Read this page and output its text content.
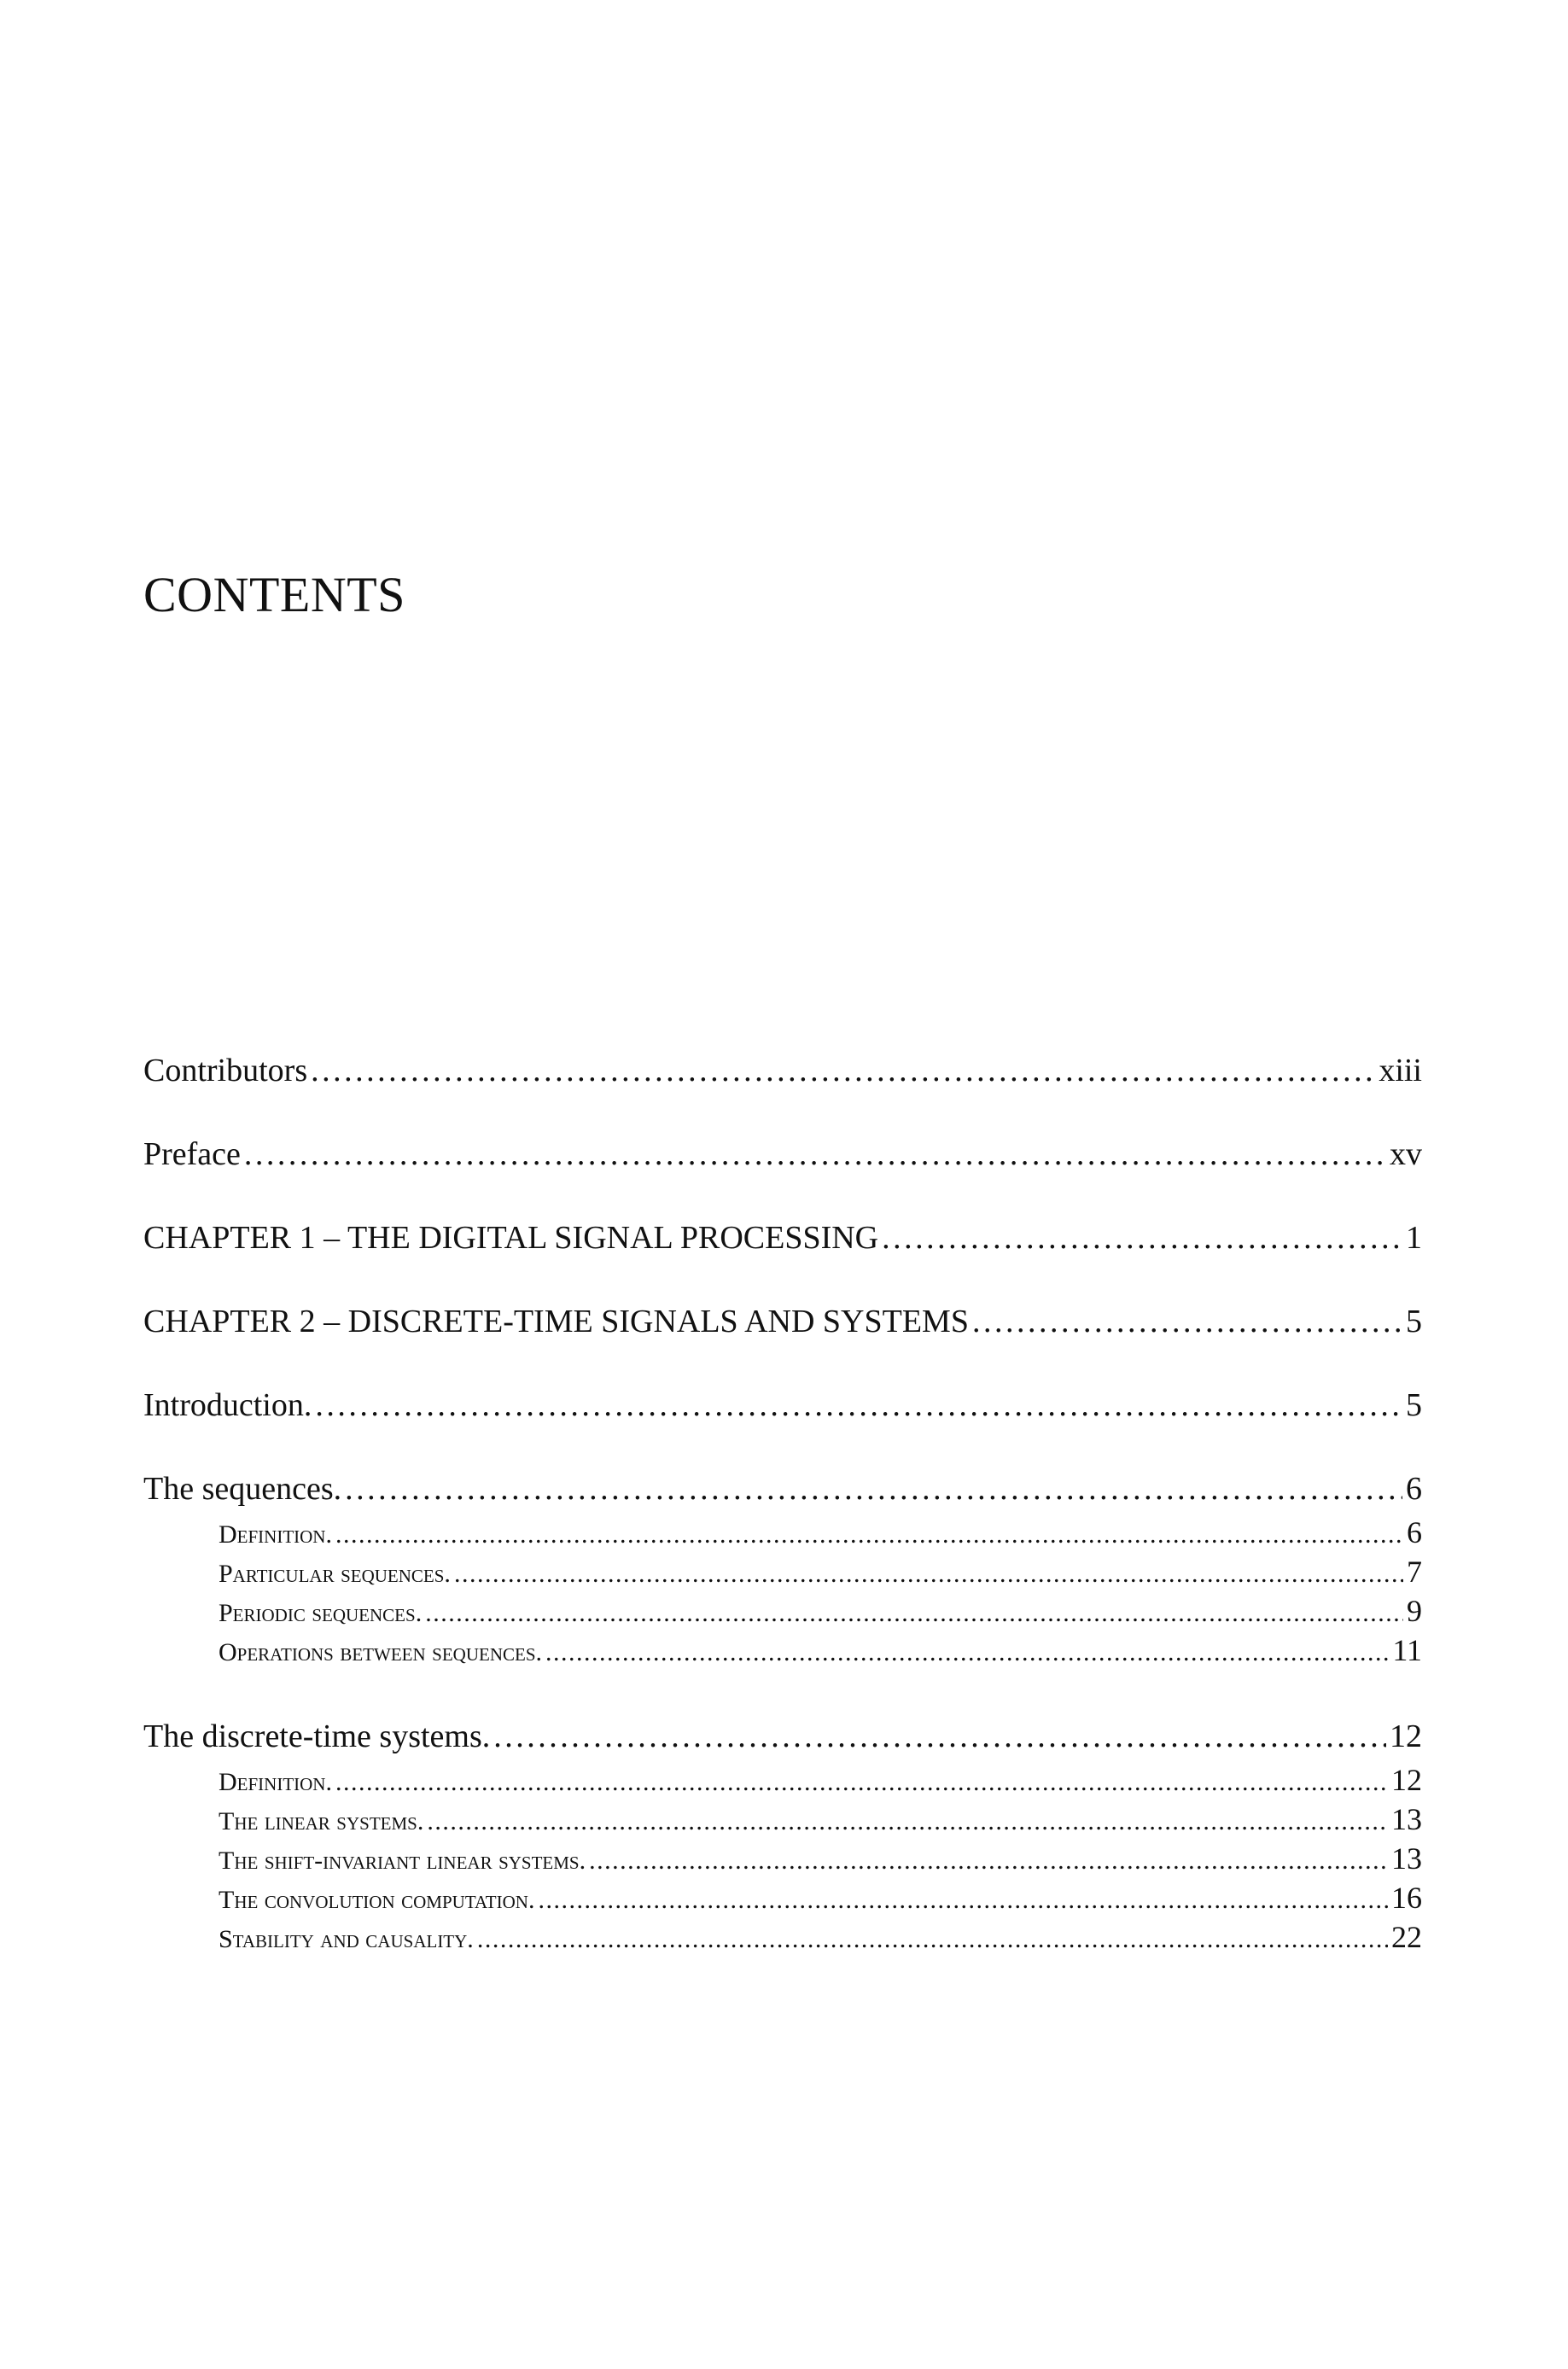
CONTENTS
Contributors . . .	xiii
Preface . . .	xv
CHAPTER 1 – THE DIGITAL SIGNAL PROCESSING . . .	1
CHAPTER 2 – DISCRETE-TIME SIGNALS AND SYSTEMS . . .	5
Introduction. . . .	5
The sequences. . . .	6
Definition. . . .	6
Particular sequences. . . .	7
Periodic sequences. . . .	9
Operations between sequences. . . .	11
The discrete-time systems. . . .	12
Definition. . . .	12
The linear systems. . . .	13
The shift-invariant linear systems. . . .	13
The convolution computation. . . .	16
Stability and causality. . . .	22
